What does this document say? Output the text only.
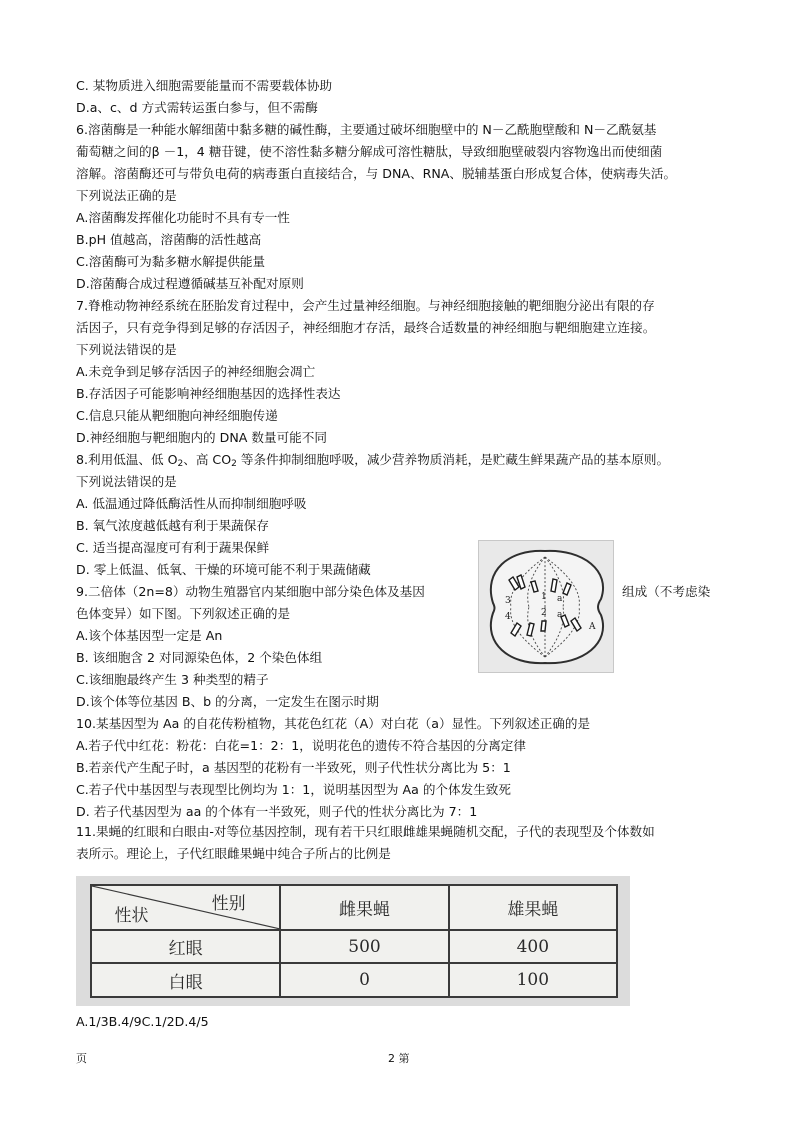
C. 某物质进入细胞需要能量而不需要载体协助
D.a、c、d 方式需转运蛋白参与，但不需酶
6.溶菌酶是一种能水解细菌中黏多糖的碱性酶，主要通过破坏细胞壁中的 N－乙酰胞壁酸和 N－乙酰氨基
葡萄糖之间的β －1，4 糖苷键，使不溶性黏多糖分解成可溶性糖肽，导致细胞壁破裂内容物逸出而使细菌
溶解。溶菌酶还可与带负电荷的病毒蛋白直接结合，与 DNA、RNA、脱辅基蛋白形成复合体，使病毒失活。
下列说法正确的是
A.溶菌酶发挥催化功能时不具有专一性
B.pH 值越高，溶菌酶的活性越高
C.溶菌酶可为黏多糖水解提供能量
D.溶菌酶合成过程遵循碱基互补配对原则
7.脊椎动物神经系统在胚胎发育过程中，会产生过量神经细胞。与神经细胞接触的靶细胞分泌出有限的存
活因子，只有竞争得到足够的存活因子，神经细胞才存活，最终合适数量的神经细胞与靶细胞建立连接。
下列说法错误的是
A.未竞争到足够存活因子的神经细胞会凋亡
B.存活因子可能影响神经细胞基因的选择性表达
C.信息只能从靶细胞向神经细胞传递
D.神经细胞与靶细胞内的 DNA 数量可能不同
8.利用低温、低 $O_2$、高 $CO_2$ 等条件抑制细胞呼吸，减少营养物质消耗，是贮藏生鲜果蔬产品的基本原则。
下列说法错误的是
A. 低温通过降低酶活性从而抑制细胞呼吸
B. 氧气浓度越低越有利于果蔬保存
C. 适当提高湿度可有利于蔬果保鲜
D. 零上低温、低氧、干燥的环境可能不利于果蔬储藏
9.二倍体（2n=8）动物生殖器官内某细胞中部分染色体及基因	组成（不考虑染
色体变异）如下图。下列叙述正确的是
A.该个体基因型一定是 An
B. 该细胞含 2 对同源染色体，2 个染色体组
C.该细胞最终产生 3 种类型的精子
D.该个体等位基因 B、b 的分离，一定发生在图示时期
3
4
1
2
a
a
A
10.某基因型为 Aa 的自花传粉植物，其花色红花（A）对白花（a）显性。下列叙述正确的是
A.若子代中红花：粉花：白花=1：2：1，说明花色的遗传不符合基因的分离定律
B.若亲代产生配子时，a 基因型的花粉有一半致死，则子代性状分离比为 5：1
C.若子代中基因型与表现型比例均为 1：1，说明基因型为 Aa 的个体发生致死
D. 若子代基因型为 aa 的个体有一半致死，则子代的性状分离比为 7：1
11.果蝇的红眼和白眼由-对等位基因控制，现有若干只红眼雌雄果蝇随机交配，子代的表现型及个体数如
表所示。理论上，子代红眼雌果蝇中纯合子所占的比例是
性别
性状	雌果蝇	雄果蝇
红眼	500	400
白眼	0	100
A.1/3B.4/9C.1/2D.4/5
页	2 第
